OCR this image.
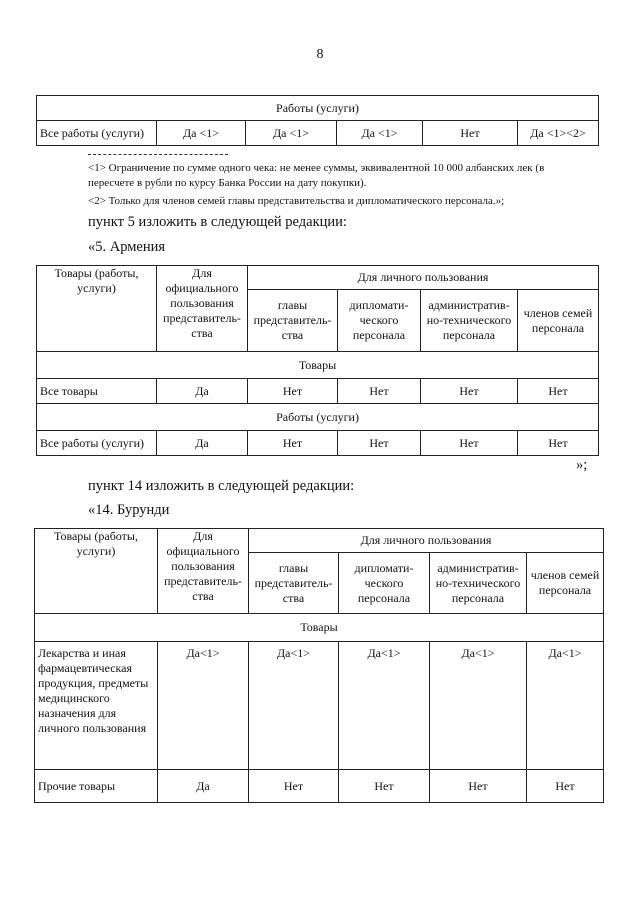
8
Работы (услуги)
Все работы (услуги)	Да <1>	Да <1>	Да <1>	Нет	Да <1><2>
<1> Ограничение по сумме одного чека: не менее суммы, эквивалентной 10 000 албанских лек (в
пересчете в рубли по курсу Банка России на дату покупки).
<2> Только для членов семей главы представительства и дипломатического персонала.»;
пункт 5 изложить в следующей редакции:
«5. Армения
Товары (работы, услуги)	Для официального пользования представитель- ства	Для личного пользования			
		главы представитель- ства	дипломати- ческого персонала	административ- но-технического персонала	членов семей персонала
Товары					
Все товары	Да	Нет	Нет	Нет	Нет
Работы (услуги)					
Все работы (услуги)	Да	Нет	Нет	Нет	Нет
»;
пункт 14 изложить в следующей редакции:
«14. Бурунди
Товары (работы, услуги)	Для официального пользования представитель- ства	Для личного пользования			
		главы представитель- ства	дипломати- ческого персонала	административ- но-технического персонала	членов семей персонала
Товары					
Лекарства и иная фармацевтическая продукция, предметы медицинского назначения для личного пользования	Да<1>	Да<1>	Да<1>	Да<1>	Да<1>
Прочие товары	Да	Нет	Нет	Нет	Нет
